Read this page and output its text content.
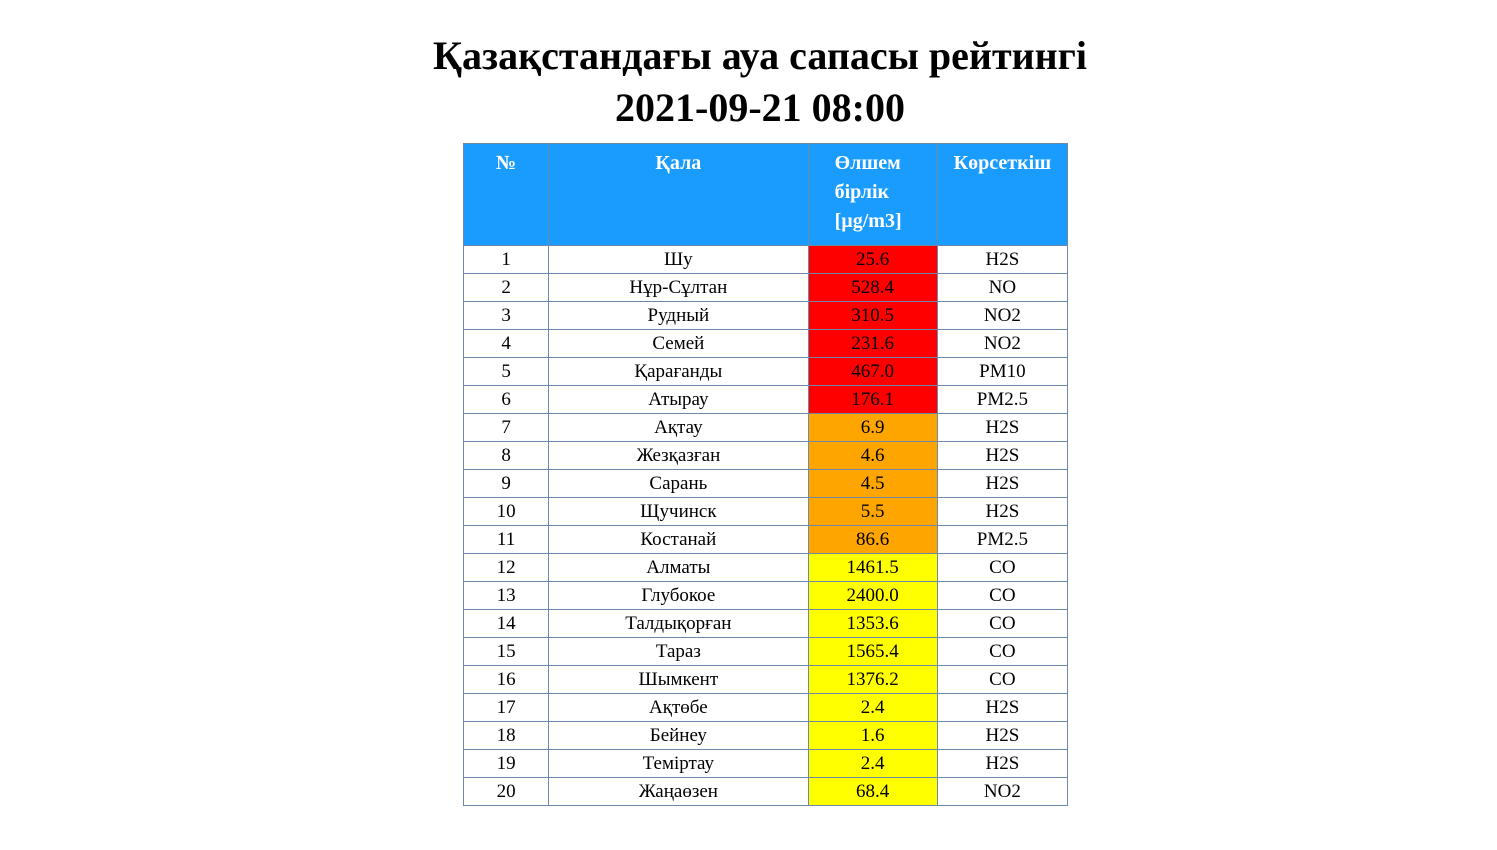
Қазақстандағы ауа сапасы рейтингі
2021-09-21 08:00
№	Қала	Өлшем
бірлік
[µg/m3]	Көрсеткіш
1	Шу	25.6	H2S
2	Нұр-Сұлтан	528.4	NO
3	Рудный	310.5	NO2
4	Семей	231.6	NO2
5	Қарағанды	467.0	PM10
6	Атырау	176.1	PM2.5
7	Ақтау	6.9	H2S
8	Жезқазған	4.6	H2S
9	Сарань	4.5	H2S
10	Щучинск	5.5	H2S
11	Костанай	86.6	PM2.5
12	Алматы	1461.5	CO
13	Глубокое	2400.0	CO
14	Талдықорған	1353.6	CO
15	Тараз	1565.4	CO
16	Шымкент	1376.2	CO
17	Ақтөбе	2.4	H2S
18	Бейнеу	1.6	H2S
19	Теміртау	2.4	H2S
20	Жаңаөзен	68.4	NO2
